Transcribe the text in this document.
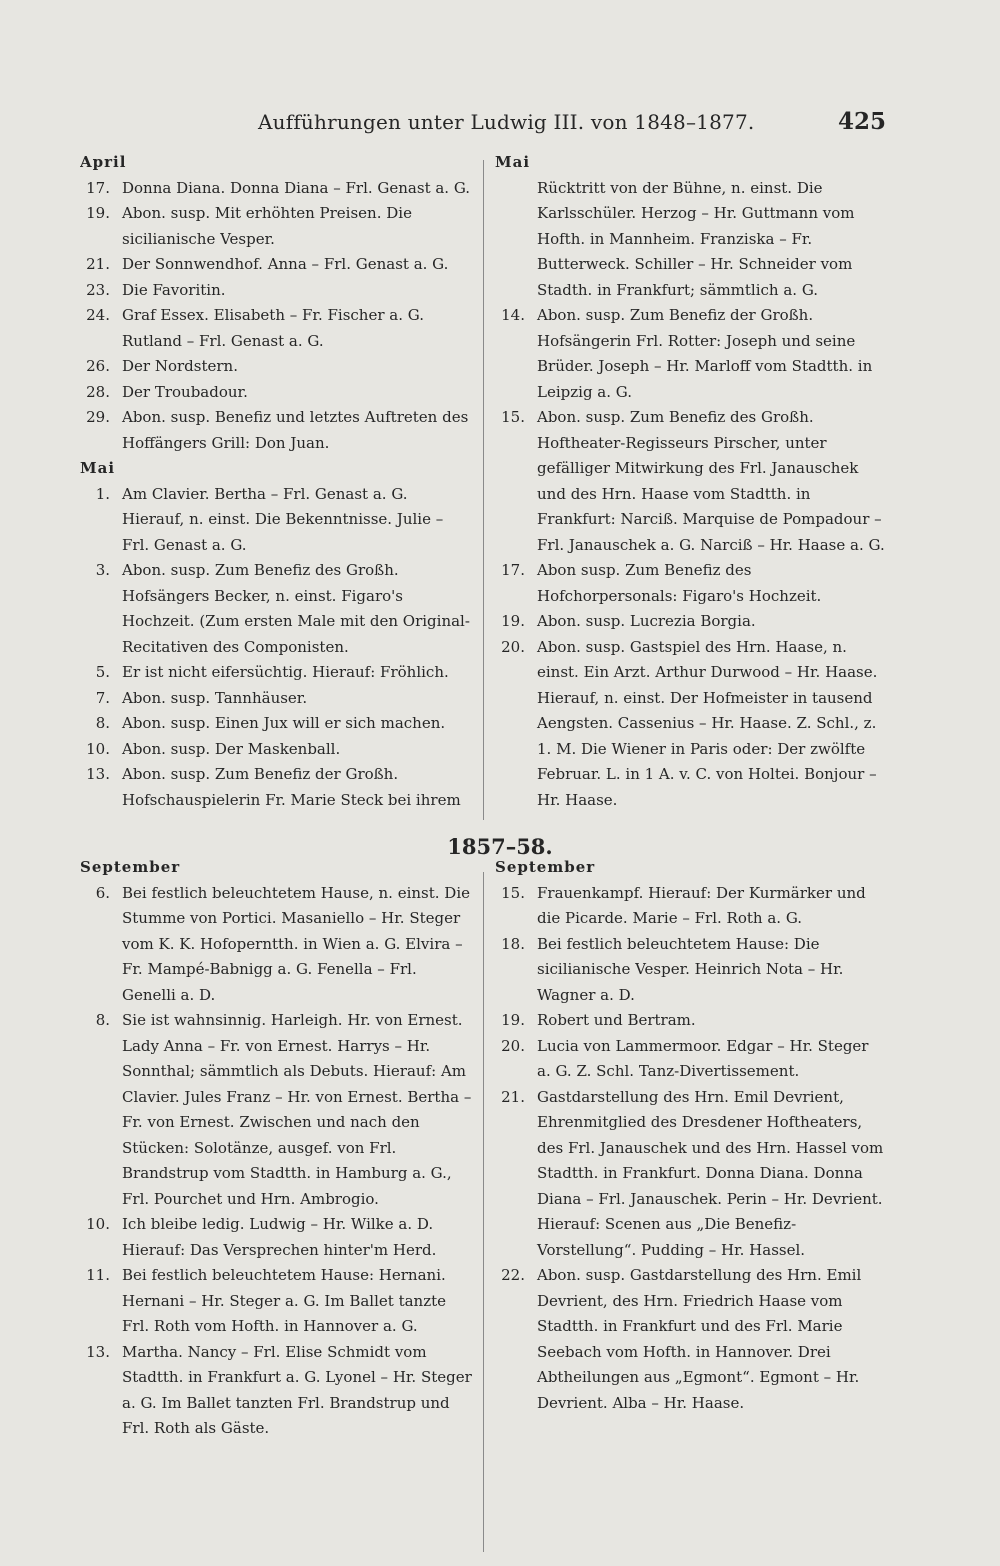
Aufführungen unter Ludwig III. von 1848–1877.	425
April

17. Donna Diana. Donna Diana – Frl. Genast a. G.

19. Abon. susp. Mit erhöhten Preisen. Die sicilianische Vesper.

21. Der Sonnwendhof. Anna – Frl. Genast a. G.

23. Die Favoritin.

24. Graf Essex. Elisabeth – Fr. Fischer a. G. Rutland – Frl. Genast a. G.

26. Der Nordstern.

28. Der Troubadour.

29. Abon. susp. Benefiz und letztes Auftreten des Hoffängers Grill: Don Juan.

Mai

1. Am Clavier. Bertha – Frl. Genast a. G. Hierauf, n. einst. Die Bekenntnisse. Julie – Frl. Genast a. G.

3. Abon. susp. Zum Benefiz des Großh. Hofsängers Becker, n. einst. Figaro's Hochzeit. (Zum ersten Male mit den Original-Recitativen des Componisten.

5. Er ist nicht eifersüchtig. Hierauf: Fröhlich.

7. Abon. susp. Tannhäuser.

8. Abon. susp. Einen Jux will er sich machen.

10. Abon. susp. Der Maskenball.

13. Abon. susp. Zum Benefiz der Großh. Hofschauspielerin Fr. Marie Steck bei ihrem

Mai

Rücktritt von der Bühne, n. einst. Die Karlsschüler. Herzog – Hr. Guttmann vom Hofth. in Mannheim. Franziska – Fr. Butterweck. Schiller – Hr. Schneider vom Stadth. in Frankfurt; sämmtlich a. G.

14. Abon. susp. Zum Benefiz der Großh. Hofsängerin Frl. Rotter: Joseph und seine Brüder. Joseph – Hr. Marloff vom Stadtth. in Leipzig a. G.

15. Abon. susp. Zum Benefiz des Großh. Hoftheater-Regisseurs Pirscher, unter gefälliger Mitwirkung des Frl. Janauschek und des Hrn. Haase vom Stadtth. in Frankfurt: Narciß. Marquise de Pompadour – Frl. Janauschek a. G. Narciß – Hr. Haase a. G.

17. Abon susp. Zum Benefiz des Hofchorpersonals: Figaro's Hochzeit.

19. Abon. susp. Lucrezia Borgia.

20. Abon. susp. Gastspiel des Hrn. Haase, n. einst. Ein Arzt. Arthur Durwood – Hr. Haase. Hierauf, n. einst. Der Hofmeister in tausend Aengsten. Cassenius – Hr. Haase. Z. Schl., z. 1. M. Die Wiener in Paris oder: Der zwölfte Februar. L. in 1 A. v. C. von Holtei. Bonjour – Hr. Haase.

1857–58.
September

6. Bei festlich beleuchtetem Hause, n. einst. Die Stumme von Portici. Masaniello – Hr. Steger vom K. K. Hofoperntth. in Wien a. G. Elvira – Fr. Mampé-Babnigg a. G. Fenella – Frl. Genelli a. D.

8. Sie ist wahnsinnig. Harleigh. Hr. von Ernest. Lady Anna – Fr. von Ernest. Harrys – Hr. Sonnthal; sämmtlich als Debuts. Hierauf: Am Clavier. Jules Franz – Hr. von Ernest. Bertha – Fr. von Ernest. Zwischen und nach den Stücken: Solotänze, ausgef. von Frl. Brandstrup vom Stadtth. in Hamburg a. G., Frl. Pourchet und Hrn. Ambrogio.

10. Ich bleibe ledig. Ludwig – Hr. Wilke a. D. Hierauf: Das Versprechen hinter'm Herd.

11. Bei festlich beleuchtetem Hause: Hernani. Hernani – Hr. Steger a. G. Im Ballet tanzte Frl. Roth vom Hofth. in Hannover a. G.

13. Martha. Nancy – Frl. Elise Schmidt vom Stadtth. in Frankfurt a. G. Lyonel – Hr. Steger a. G. Im Ballet tanzten Frl. Brandstrup und Frl. Roth als Gäste.

September

15. Frauenkampf. Hierauf: Der Kurmärker und die Picarde. Marie – Frl. Roth a. G.

18. Bei festlich beleuchtetem Hause: Die sicilianische Vesper. Heinrich Nota – Hr. Wagner a. D.

19. Robert und Bertram.

20. Lucia von Lammermoor. Edgar – Hr. Steger a. G. Z. Schl. Tanz-Divertissement.

21. Gastdarstellung des Hrn. Emil Devrient, Ehrenmitglied des Dresdener Hoftheaters, des Frl. Janauschek und des Hrn. Hassel vom Stadtth. in Frankfurt. Donna Diana. Donna Diana – Frl. Janauschek. Perin – Hr. Devrient. Hierauf: Scenen aus „Die Benefiz-Vorstellung“. Pudding – Hr. Hassel.

22. Abon. susp. Gastdarstellung des Hrn. Emil Devrient, des Hrn. Friedrich Haase vom Stadtth. in Frankfurt und des Frl. Marie Seebach vom Hofth. in Hannover. Drei Abtheilungen aus „Egmont“. Egmont – Hr. Devrient. Alba – Hr. Haase.
